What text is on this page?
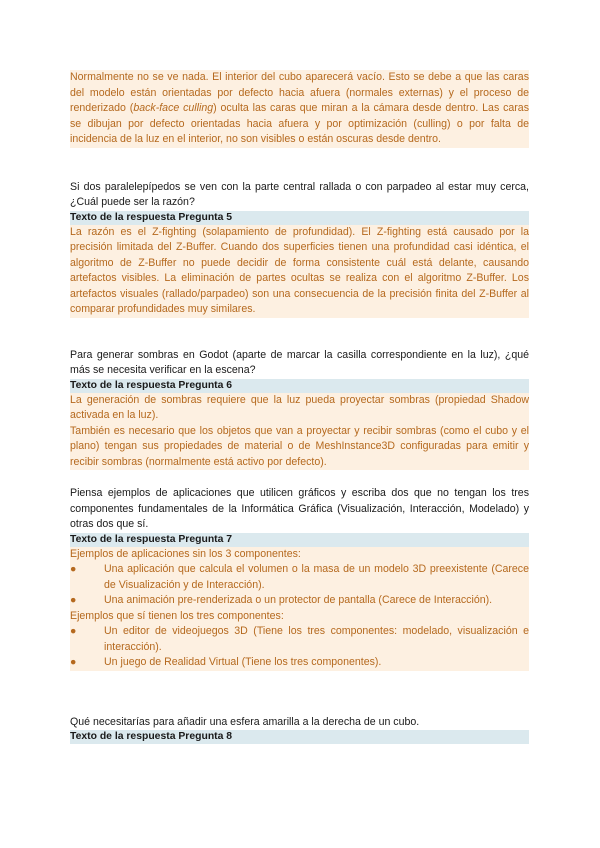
Normalmente no se ve nada. El interior del cubo aparecerá vacío. Esto se debe a que las caras del modelo están orientadas por defecto hacia afuera (normales externas) y el proceso de renderizado (back-face culling) oculta las caras que miran a la cámara desde dentro. Las caras se dibujan por defecto orientadas hacia afuera y por optimización (culling) o por falta de incidencia de la luz en el interior, no son visibles o están oscuras desde dentro.

Si dos paralelepípedos se ven con la parte central rallada o con parpadeo al estar muy cerca, ¿Cuál puede ser la razón?

Texto de la respuesta Pregunta 5

La razón es el Z-fighting (solapamiento de profundidad). El Z-fighting está causado por la precisión limitada del Z-Buffer. Cuando dos superficies tienen una profundidad casi idéntica, el algoritmo de Z-Buffer no puede decidir de forma consistente cuál está delante, causando artefactos visibles. La eliminación de partes ocultas se realiza con el algoritmo Z-Buffer. Los artefactos visuales (rallado/parpadeo) son una consecuencia de la precisión finita del Z-Buffer al comparar profundidades muy similares.

Para generar sombras en Godot (aparte de marcar la casilla correspondiente en la luz), ¿qué más se necesita verificar en la escena?

Texto de la respuesta Pregunta 6

La generación de sombras requiere que la luz pueda proyectar sombras (propiedad Shadow activada en la luz).

También es necesario que los objetos que van a proyectar y recibir sombras (como el cubo y el plano) tengan sus propiedades de material o de MeshInstance3D configuradas para emitir y recibir sombras (normalmente está activo por defecto).

Piensa ejemplos de aplicaciones que utilicen gráficos y escriba dos que no tengan los tres componentes fundamentales de la Informática Gráfica (Visualización, Interacción, Modelado) y otras dos que sí.

Texto de la respuesta Pregunta 7

Ejemplos de aplicaciones sin los 3 componentes:

●	Una aplicación que calcula el volumen o la masa de un modelo 3D preexistente (Carece de Visualización y de Interacción).
●	Una animación pre-renderizada o un protector de pantalla (Carece de Interacción).

Ejemplos que sí tienen los tres componentes:

●	Un editor de videojuegos 3D (Tiene los tres componentes: modelado, visualización e interacción).
●	Un juego de Realidad Virtual (Tiene los tres componentes).

Qué necesitarías para añadir una esfera amarilla a la derecha de un cubo.

Texto de la respuesta Pregunta 8
